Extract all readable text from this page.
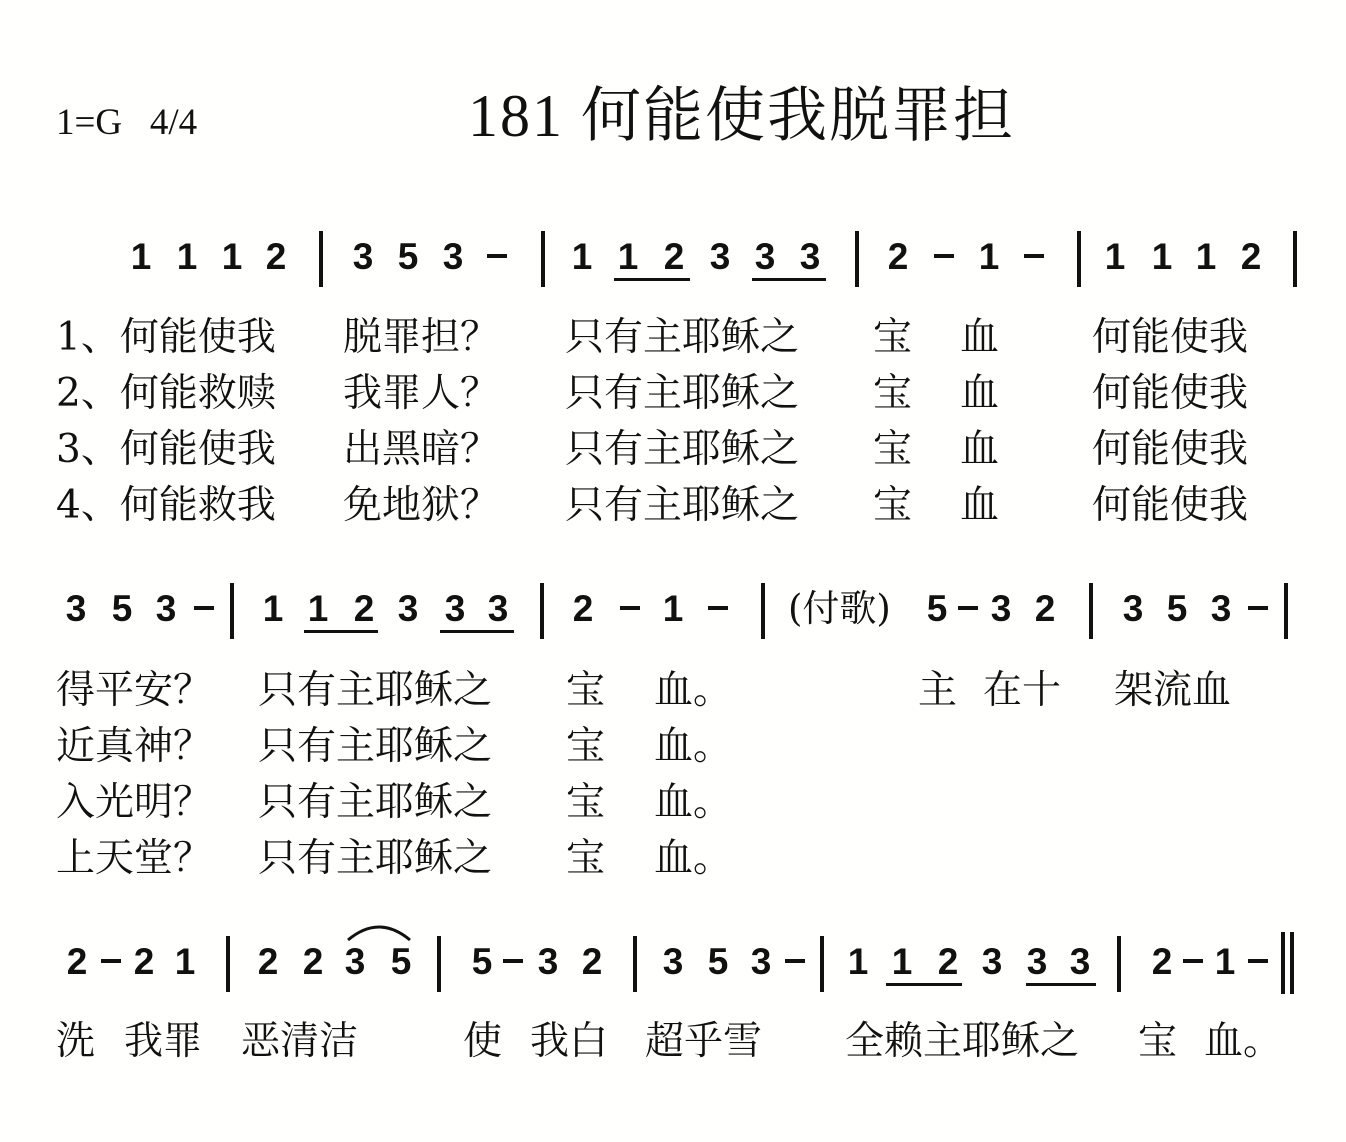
1=G 4/4	181 何能使我脱罪担
1 1 1 2 3 5 3	1 1 2 3 3 3 2 1	1 1 1 2
1、何能使我 脱罪担？ 只有主耶稣之 宝 血 何能使我
2、何能救赎 我罪人？ 只有主耶稣之 宝 血 何能使我
3、何能使我 出黑暗？ 只有主耶稣之 宝 血 何能使我
4、何能救我 免地狱？ 只有主耶稣之 宝 血 何能使我
3 5 3 1 1 2 3 3 3 2 1	5 3 2 3 5 3
(付歌)
得平安？ 只有主耶稣之 宝 血。	主 在十 架流血
近真神？ 只有主耶稣之 宝 血。
入光明？ 只有主耶稣之 宝 血。
上天堂？ 只有主耶稣之 宝 血。
2 2 1 2 2 3 5 5 3 2 3 5 3 1 1 2 3 3 3 2 1
洗 我罪 恶清洁	使 我白 超乎雪 全赖主耶稣之 宝 血。
